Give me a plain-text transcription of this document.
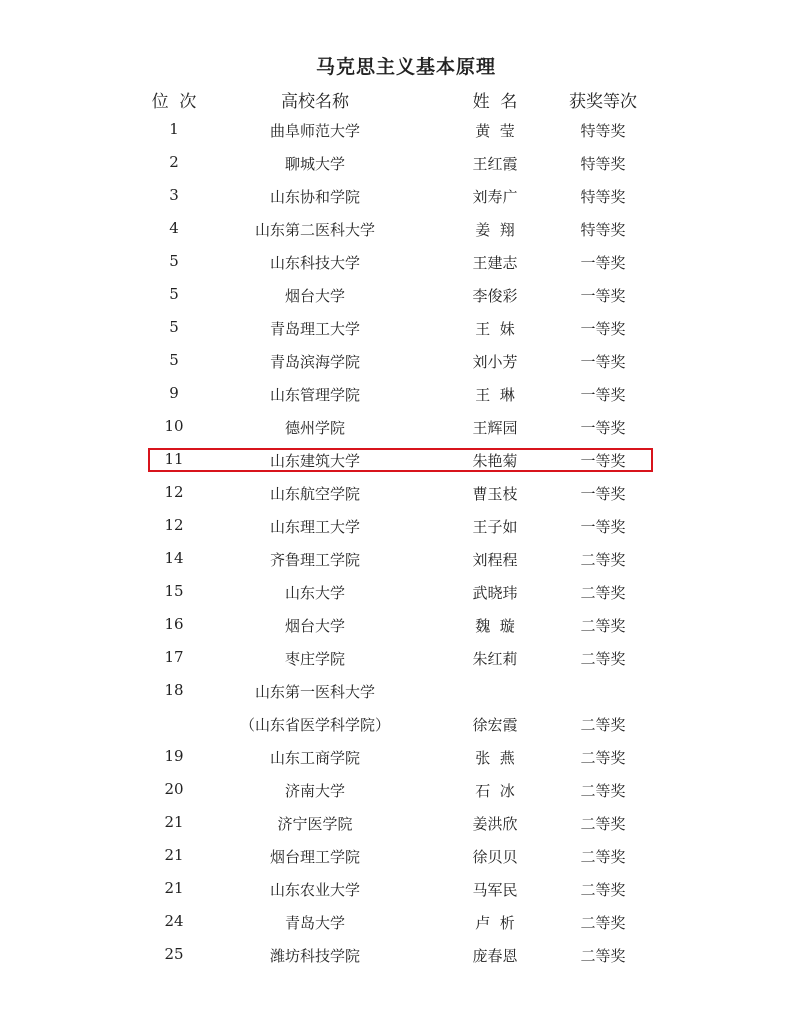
马克思主义基本原理
位  次	高校名称	姓  名	获奖等次
1	曲阜师范大学	黄  莹	特等奖
2	聊城大学	王红霞	特等奖
3	山东协和学院	刘寿广	特等奖
4	山东第二医科大学	姜  翔	特等奖
5	山东科技大学	王建志	一等奖
5	烟台大学	李俊彩	一等奖
5	青岛理工大学	王  妹	一等奖
5	青岛滨海学院	刘小芳	一等奖
9	山东管理学院	王  琳	一等奖
10	德州学院	王辉园	一等奖
11	山东建筑大学	朱艳菊	一等奖
12	山东航空学院	曹玉枝	一等奖
12	山东理工大学	王子如	一等奖
14	齐鲁理工学院	刘程程	二等奖
15	山东大学	武晓玮	二等奖
16	烟台大学	魏  璇	二等奖
17	枣庄学院	朱红莉	二等奖
18	山东第一医科大学
（山东省医学科学院）	徐宏霞	二等奖
19	山东工商学院	张  燕	二等奖
20	济南大学	石  冰	二等奖
21	济宁医学院	姜洪欣	二等奖
21	烟台理工学院	徐贝贝	二等奖
21	山东农业大学	马军民	二等奖
24	青岛大学	卢  析	二等奖
25	潍坊科技学院	庞春恩	二等奖
